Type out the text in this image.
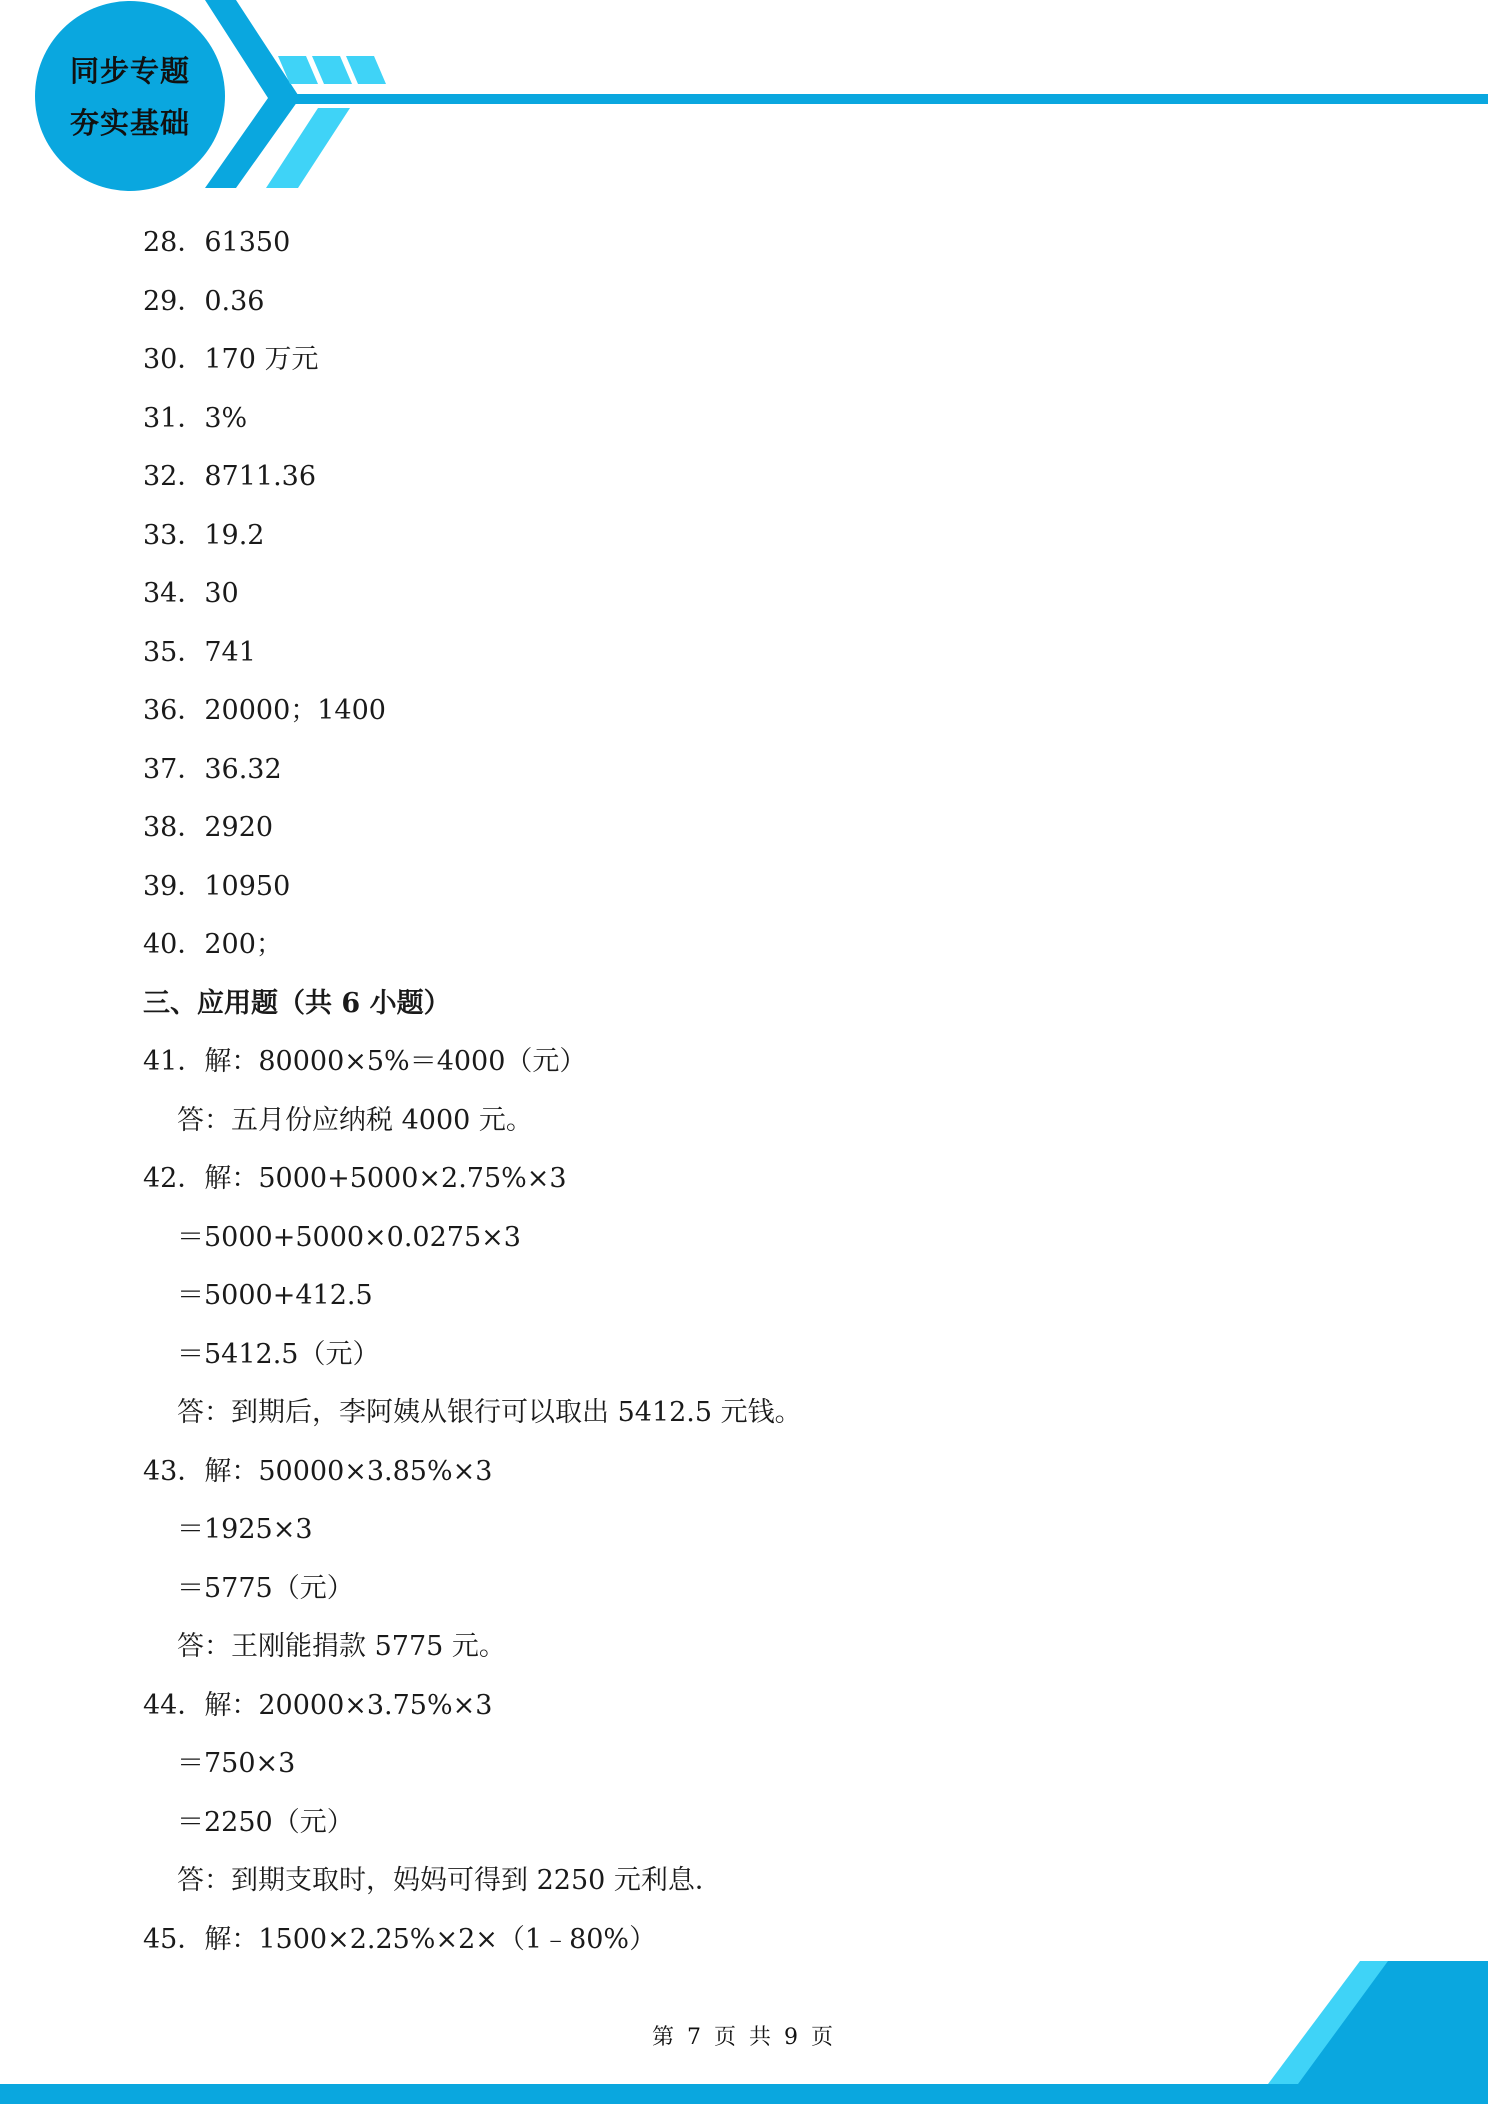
同步专题
夯实基础
28．61350
29．0.36
30．170 万元
31．3%
32．8711.36
33．19.2
34．30
35．741
36．20000；1400
37．36.32
38．2920
39．10950
40．200；
三、应用题（共 6 小题）
41．解：80000×5%＝4000（元）
答：五月份应纳税 4000 元。
42．解：5000+5000×2.75%×3
＝5000+5000×0.0275×3
＝5000+412.5
＝5412.5（元）
答：到期后，李阿姨从银行可以取出 5412.5 元钱。
43．解：50000×3.85%×3
＝1925×3
＝5775（元）
答：王刚能捐款 5775 元。
44．解：20000×3.75%×3
＝750×3
＝2250（元）
答：到期支取时，妈妈可得到 2250 元利息．
45．解：1500×2.25%×2×（1﹣80%）
第 7 页 共 9 页
